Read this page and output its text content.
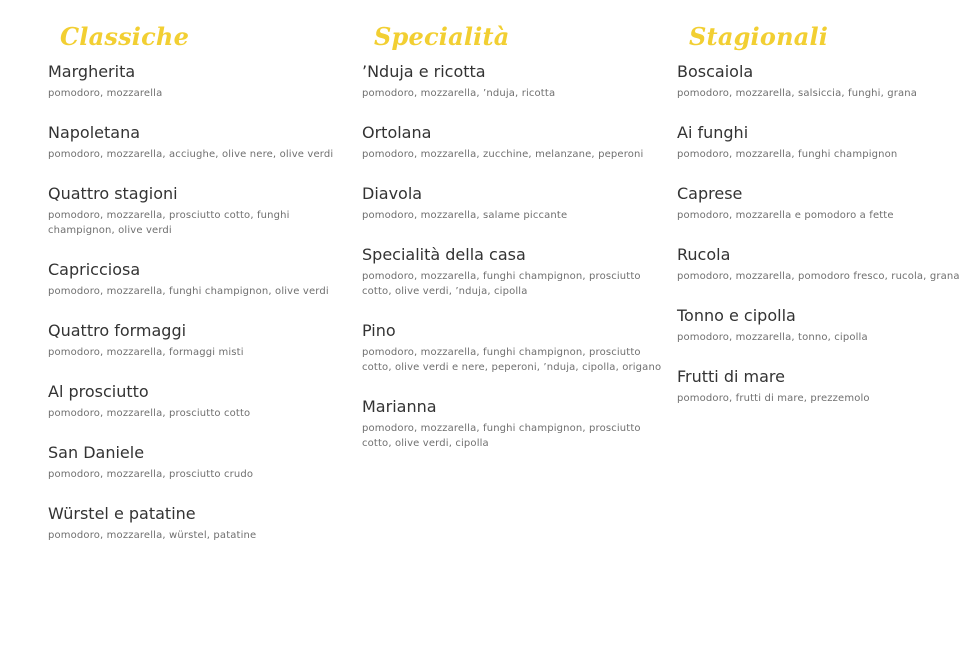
Classiche
Margherita
pomodoro, mozzarella
Napoletana
pomodoro, mozzarella, acciughe, olive nere, olive verdi
Quattro stagioni
pomodoro, mozzarella, prosciutto cotto, funghi champignon, olive verdi
Capricciosa
pomodoro, mozzarella, funghi champignon, olive verdi
Quattro formaggi
pomodoro, mozzarella, formaggi misti
Al prosciutto
pomodoro, mozzarella, prosciutto cotto
San Daniele
pomodoro, mozzarella, prosciutto crudo
Würstel e patatine
pomodoro, mozzarella, würstel, patatine
Specialità
’Nduja e ricotta
pomodoro, mozzarella, ’nduja, ricotta
Ortolana
pomodoro, mozzarella, zucchine, melanzane, peperoni
Diavola
pomodoro, mozzarella, salame piccante
Specialità della casa
pomodoro, mozzarella, funghi champignon, prosciutto cotto, olive verdi, ’nduja, cipolla
Pino
pomodoro, mozzarella, funghi champignon, prosciutto cotto, olive verdi e nere, peperoni, ’nduja, cipolla, origano
Marianna
pomodoro, mozzarella, funghi champignon, prosciutto cotto, olive verdi, cipolla
Stagionali
Boscaiola
pomodoro, mozzarella, salsiccia, funghi, grana
Ai funghi
pomodoro, mozzarella, funghi champignon
Caprese
pomodoro, mozzarella e pomodoro a fette
Rucola
pomodoro, mozzarella, pomodoro fresco, rucola, grana
Tonno e cipolla
pomodoro, mozzarella, tonno, cipolla
Frutti di mare
pomodoro, frutti di mare, prezzemolo
